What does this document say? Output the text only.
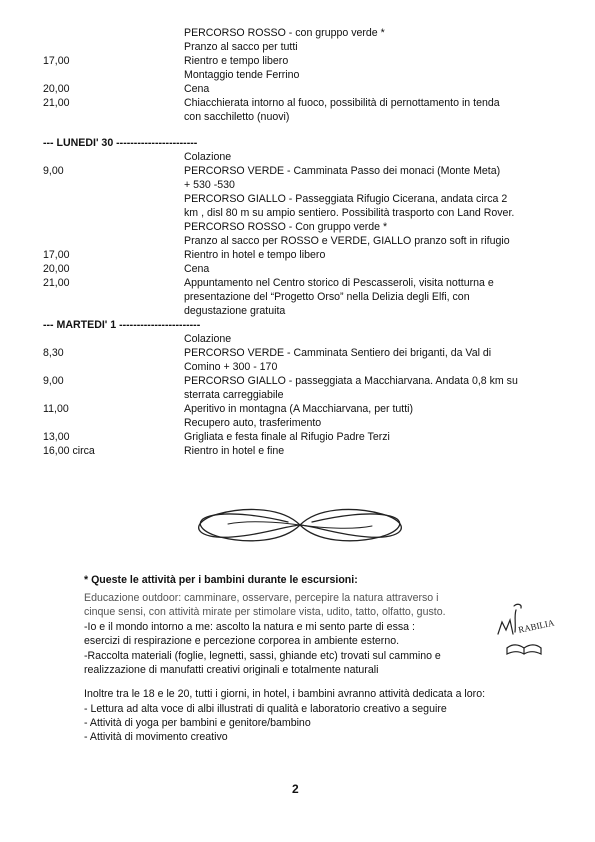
PERCORSO ROSSO - con gruppo verde *
Pranzo al sacco per tutti
17,00	Rientro e tempo libero
Montaggio tende Ferrino
20,00	Cena
21,00	Chiacchierata intorno al fuoco, possibilità di pernottamento in tenda
con sacchiletto (nuovi)
--- LUNEDI' 30 -----------------------
Colazione
9,00	PERCORSO VERDE - Camminata Passo dei monaci (Monte Meta)
+ 530 -530
PERCORSO GIALLO - Passeggiata Rifugio Cicerana, andata circa 2
km , disl 80 m su ampio sentiero. Possibilità trasporto con Land Rover.
PERCORSO ROSSO - Con gruppo verde *
Pranzo al sacco per ROSSO e VERDE, GIALLO pranzo soft in rifugio
17,00	Rientro in hotel e tempo libero
20,00	Cena
21,00	Appuntamento nel Centro storico di Pescasseroli, visita notturna e
presentazione del “Progetto Orso” nella Delizia degli Elfi, con
degustazione gratuita
--- MARTEDI' 1 -----------------------
Colazione
8,30	PERCORSO VERDE - Camminata Sentiero dei briganti, da Val di
Comino + 300 - 170
9,00	PERCORSO GIALLO - passeggiata a Macchiarvana. Andata 0,8 km su
sterrata carreggiabile
11,00	Aperitivo in montagna (A Macchiarvana, per tutti)
Recupero auto, trasferimento
13,00	Grigliata e festa finale al Rifugio Padre Terzi
16,00 circa	Rientro in hotel e fine
* Queste le attività per i bambini durante le escursioni:
Educazione outdoor: camminare, osservare, percepire la natura attraverso i
cinque sensi, con attività mirate per stimolare vista, udito, tatto, olfatto, gusto.
-Io e il mondo intorno a me: ascolto la natura e mi sento parte di essa :
esercizi di respirazione e percezione corporea in ambiente esterno.
-Raccolta materiali (foglie, legnetti, sassi, ghiande etc) trovati sul cammino e
realizzazione di manufatti creativi originali e totalmente naturali
Inoltre tra le 18 e le 20, tutti i giorni, in hotel, i bambini avranno attività dedicata a loro:
- Lettura ad alta voce di albi illustrati di qualità e laboratorio creativo a seguire
- Attività di yoga per bambini e genitore/bambino
- Attività di movimento creativo
RABILIA
2
